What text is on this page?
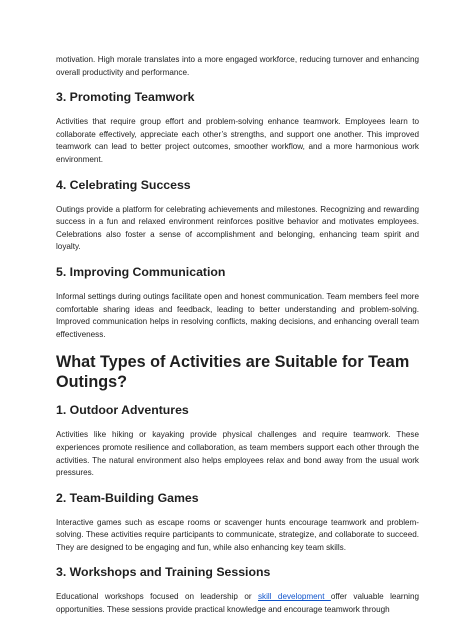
motivation. High morale translates into a more engaged workforce, reducing turnover and enhancing overall productivity and performance.

3. Promoting Teamwork

Activities that require group effort and problem-solving enhance teamwork. Employees learn to collaborate effectively, appreciate each other’s strengths, and support one another. This improved teamwork can lead to better project outcomes, smoother workflow, and a more harmonious work environment.

4. Celebrating Success

Outings provide a platform for celebrating achievements and milestones. Recognizing and rewarding success in a fun and relaxed environment reinforces positive behavior and motivates employees. Celebrations also foster a sense of accomplishment and belonging, enhancing team spirit and loyalty.

5. Improving Communication

Informal settings during outings facilitate open and honest communication. Team members feel more comfortable sharing ideas and feedback, leading to better understanding and problem-solving. Improved communication helps in resolving conflicts, making decisions, and enhancing overall team effectiveness.

What Types of Activities are Suitable for Team Outings?
1. Outdoor Adventures

Activities like hiking or kayaking provide physical challenges and require teamwork. These experiences promote resilience and collaboration, as team members support each other through the activities. The natural environment also helps employees relax and bond away from the usual work pressures.

2. Team-Building Games

Interactive games such as escape rooms or scavenger hunts encourage teamwork and problem-solving. These activities require participants to communicate, strategize, and collaborate to succeed. They are designed to be engaging and fun, while also enhancing key team skills.

3. Workshops and Training Sessions

Educational workshops focused on leadership or skill development offer valuable learning opportunities. These sessions provide practical knowledge and encourage teamwork through
